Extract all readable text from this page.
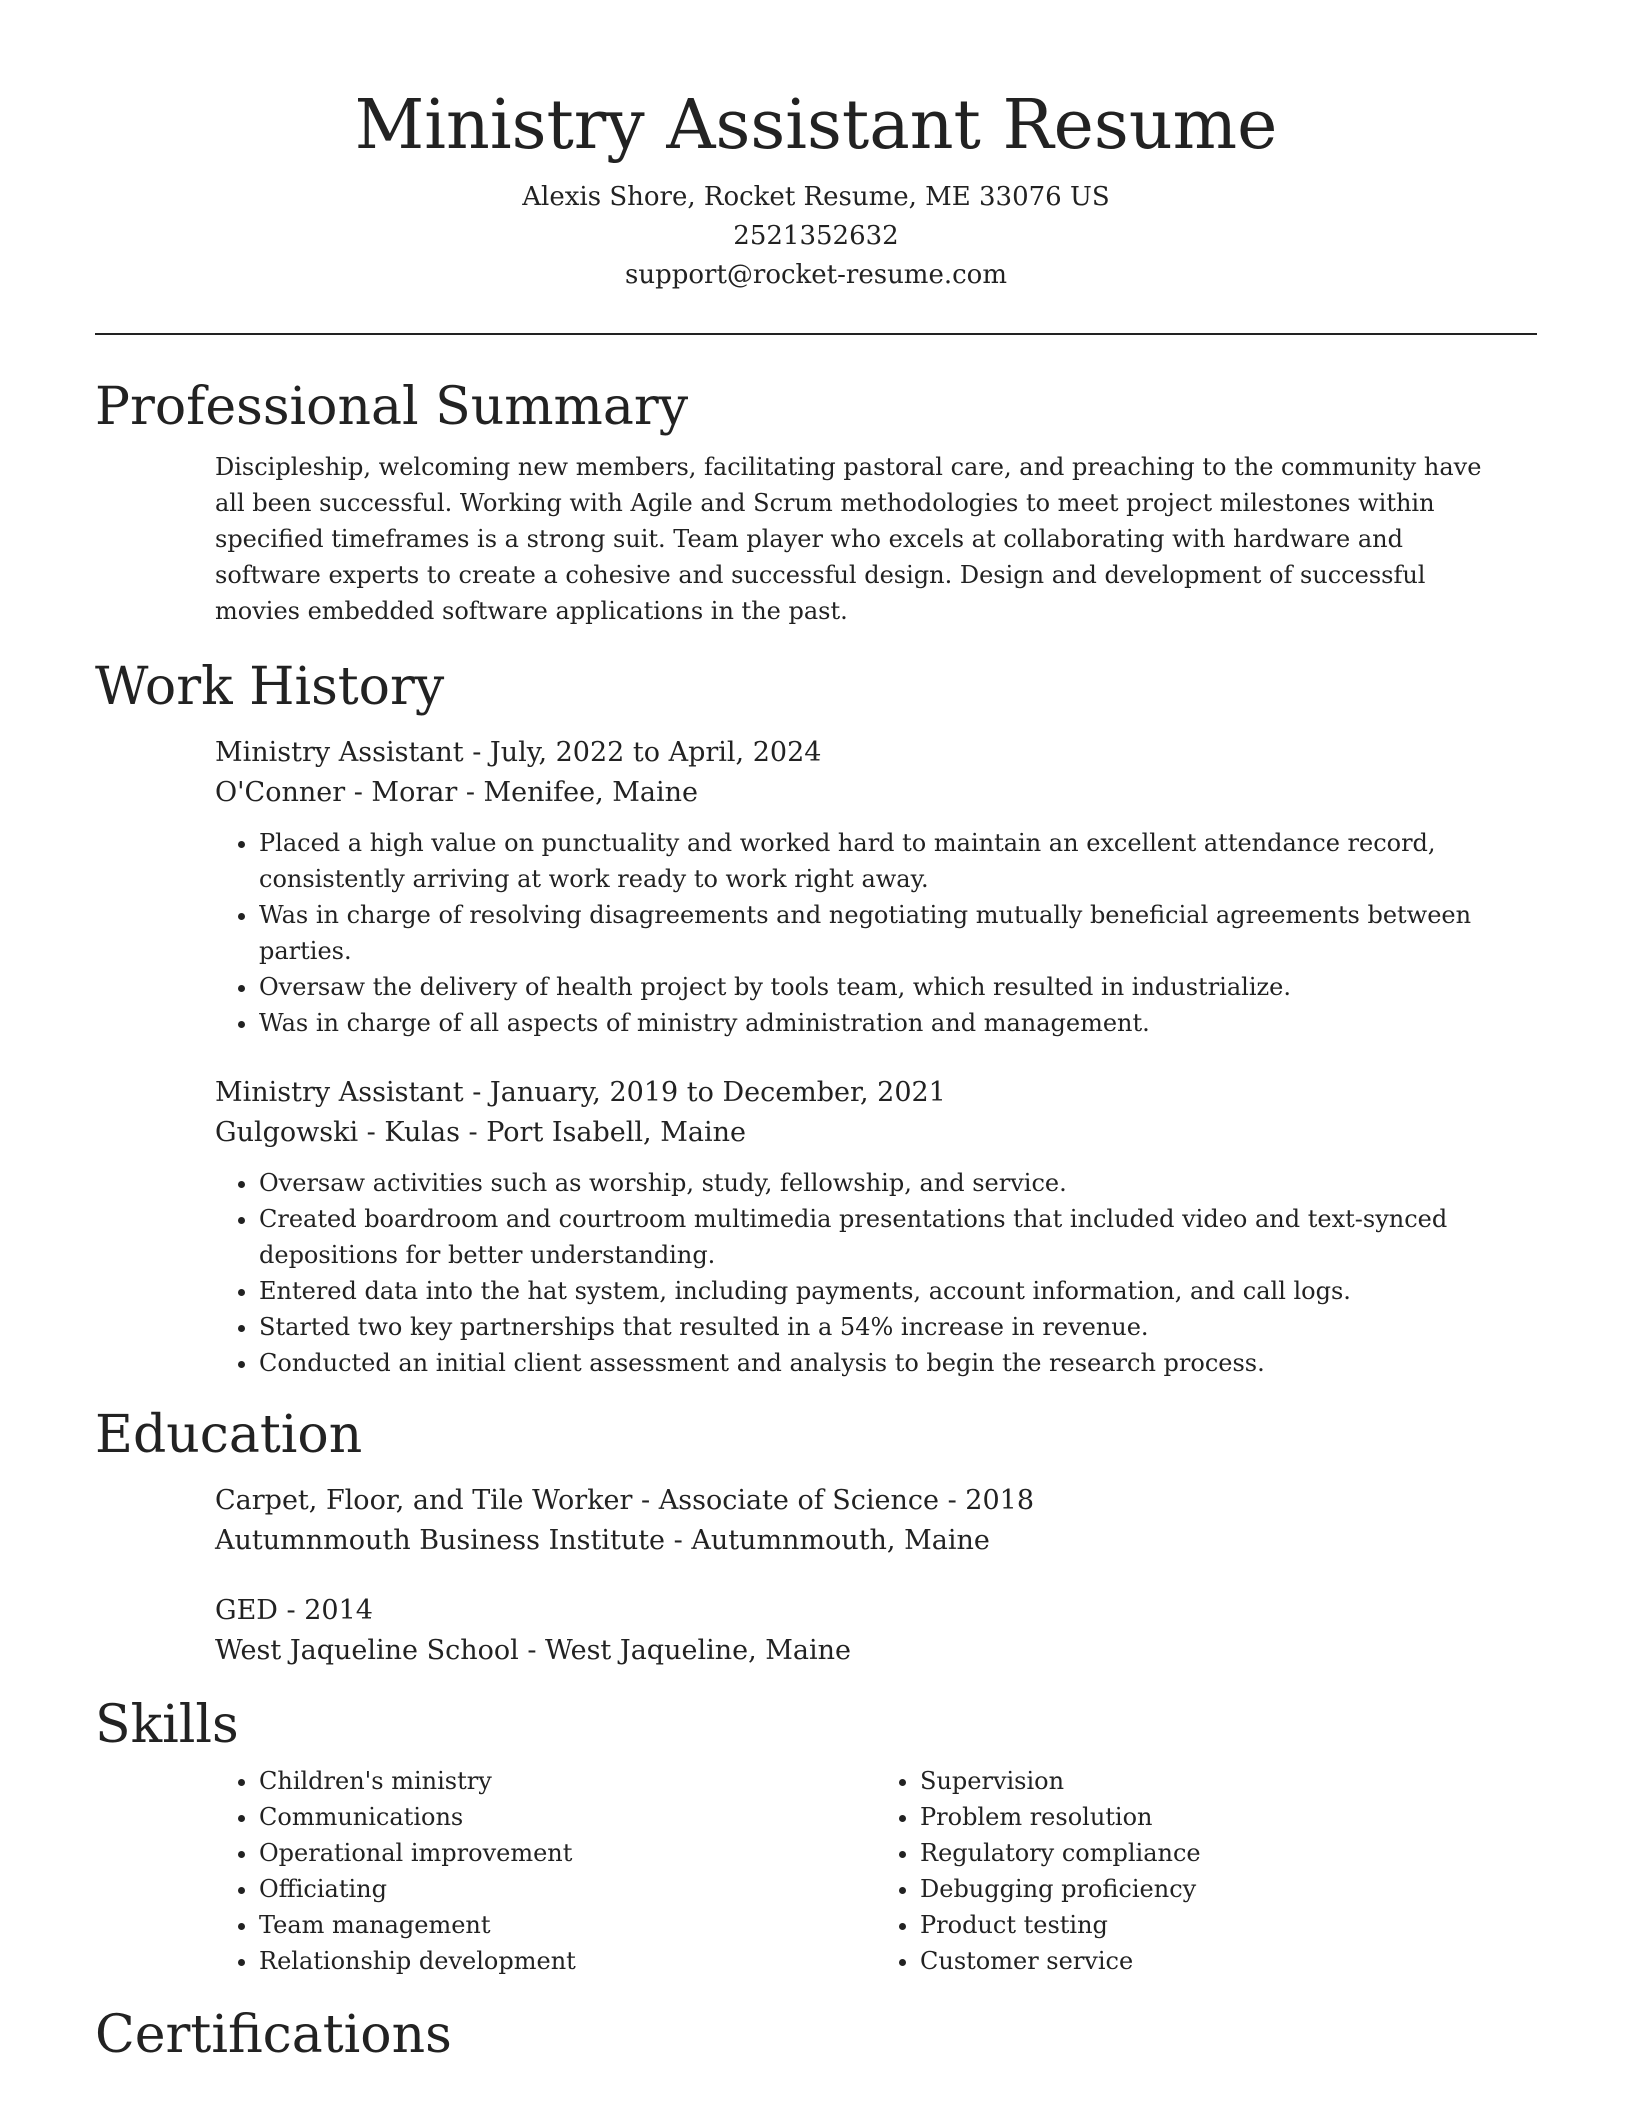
Ministry Assistant Resume
Alexis Shore, Rocket Resume, ME 33076 US
2521352632
support@rocket-resume.com
Professional Summary

Discipleship, welcoming new members, facilitating pastoral care, and preaching to the community have all been successful. Working with Agile and Scrum methodologies to meet project milestones within specified timeframes is a strong suit. Team player who excels at collaborating with hardware and software experts to create a cohesive and successful design. Design and development of successful movies embedded software applications in the past.

Work History
Ministry Assistant - July, 2022 to April, 2024
O'Conner - Morar - Menifee, Maine
• Placed a high value on punctuality and worked hard to maintain an excellent attendance record, consistently arriving at work ready to work right away.
• Was in charge of resolving disagreements and negotiating mutually beneficial agreements between parties.
• Oversaw the delivery of health project by tools team, which resulted in industrialize.
• Was in charge of all aspects of ministry administration and management.
Ministry Assistant - January, 2019 to December, 2021
Gulgowski - Kulas - Port Isabell, Maine
• Oversaw activities such as worship, study, fellowship, and service.
• Created boardroom and courtroom multimedia presentations that included video and text-synced depositions for better understanding.
• Entered data into the hat system, including payments, account information, and call logs.
• Started two key partnerships that resulted in a 54% increase in revenue.
• Conducted an initial client assessment and analysis to begin the research process.
Education
Carpet, Floor, and Tile Worker - Associate of Science - 2018
Autumnmouth Business Institute - Autumnmouth, Maine
GED - 2014
West Jaqueline School - West Jaqueline, Maine
Skills
• Children's ministry
• Communications
• Operational improvement
• Officiating
• Team management
• Relationship development
• Supervision
• Problem resolution
• Regulatory compliance
• Debugging proficiency
• Product testing
• Customer service
Certifications
